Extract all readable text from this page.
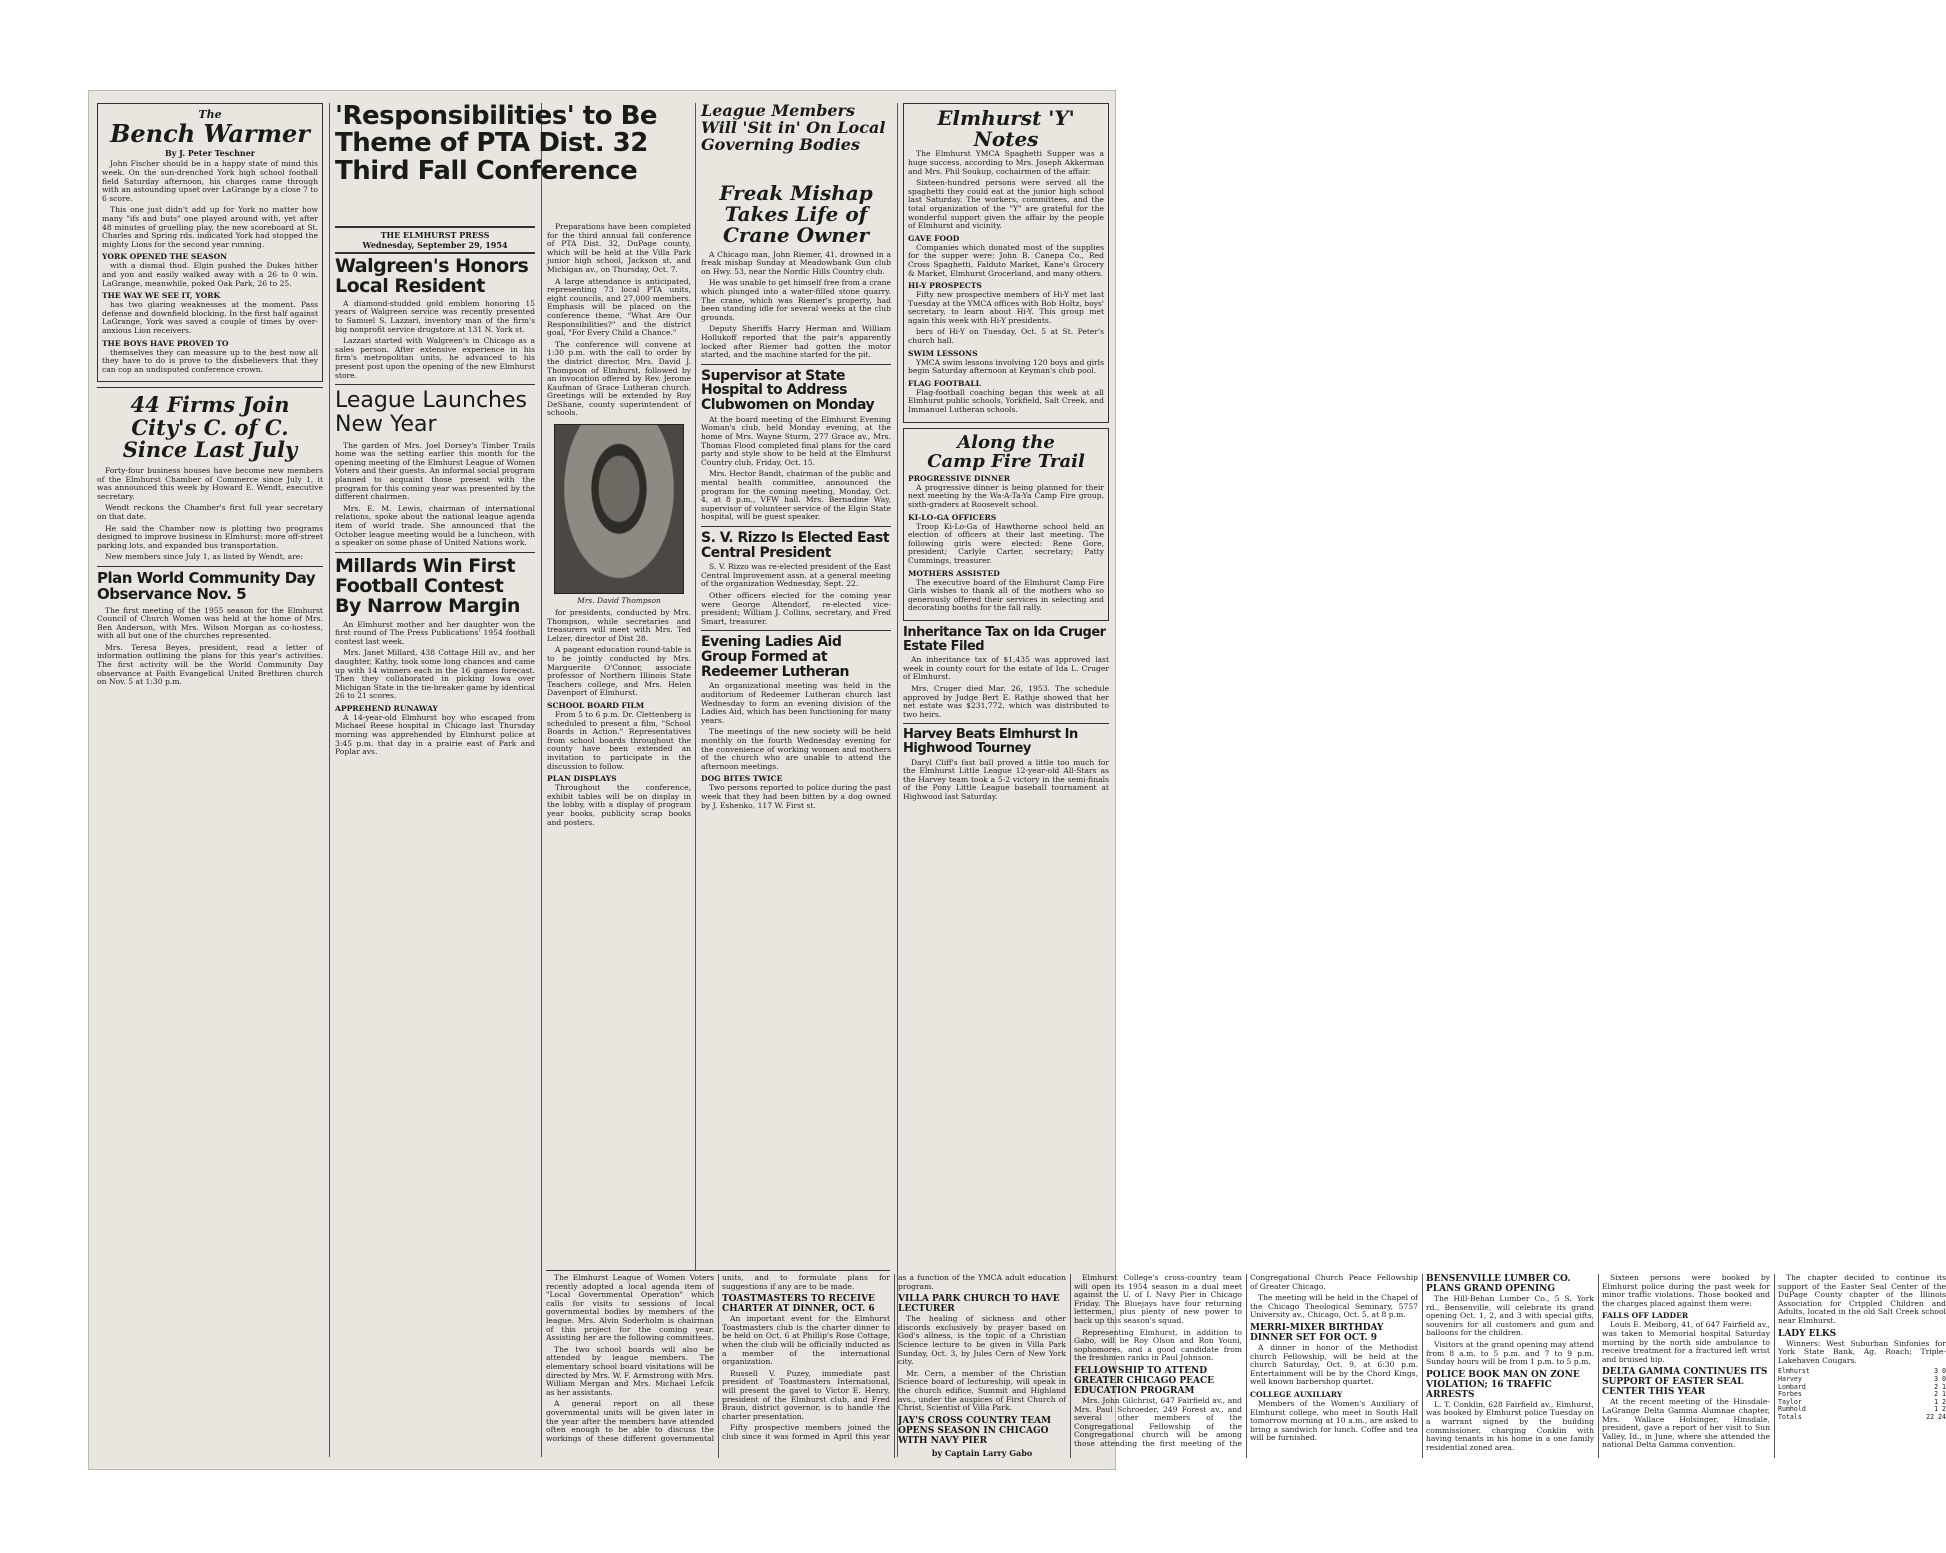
The
Bench Warmer
By J. Peter Teschner

John Fischer should be in a happy state of mind this week. On the sun-drenched York high school football field Saturday afternoon, his charges came through with an astounding upset over LaGrange by a close 7 to 6 score.

This one just didn't add up for York no matter how many "ifs and buts" one played around with, yet after 48 minutes of gruelling play, the new scoreboard at St. Charles and Spring rds. indicated York had stopped the mighty Lions for the second year running.

YORK OPENED THE SEASON

with a dismal thud. Elgin pushed the Dukes hither and yon and easily walked away with a 26 to 0 win. LaGrange, meanwhile, poked Oak Park, 26 to 25.

THE WAY WE SEE IT, YORK

has two glaring weaknesses at the moment. Pass defense and downfield blocking. In the first half against LaGrange, York was saved a couple of times by over-anxious Lion receivers.

THE BOYS HAVE PROVED TO

themselves they can measure up to the best now all they have to do is prove to the disbelievers that they can cop an undisputed conference crown.

44 Firms Join City's C. of C. Since Last July

Forty-four business houses have become new members of the Elmhurst Chamber of Commerce since July 1, it was announced this week by Howard E. Wendt, executive secretary.

Wendt reckons the Chamber's first full year secretary on that date.

He said the Chamber now is plotting two programs designed to improve business in Elmhurst: more off-street parking lots, and expanded bus transportation.

New members since July 1, as listed by Wendt, are:

Plan World Community Day Observance Nov. 5

The first meeting of the 1955 season for the Elmhurst Council of Church Women was held at the home of Mrs. Ben Anderson, with Mrs. Wilson Morgan as co-hostess, with all but one of the churches represented.

Mrs. Teresa Beyes, president, read a letter of information outlining the plans for this year's activities. The first activity will be the World Community Day observance at Faith Evangelical United Brethren church on Nov. 5 at 1:30 p.m.

'Responsibilities' to Be Theme of PTA Dist. 32 Third Fall Conference
THE ELMHURST PRESS
Wednesday, September 29, 1954
Walgreen's Honors Local Resident

A diamond-studded gold emblem honoring 15 years of Walgreen service was recently presented to Samuel S. Lazzari, inventory man of the firm's big nonprofit service drugstore at 131 N. York st.

Lazzari started with Walgreen's in Chicago as a sales person. After extensive experience in his firm's metropolitan units, he advanced to his present post upon the opening of the new Elmhurst store.

League Launches New Year

The garden of Mrs. Joel Dorsey's Timber Trails home was the setting earlier this month for the opening meeting of the Elmhurst League of Women Voters and their guests. An informal social program planned to acquaint those present with the program for this coming year was presented by the different chairmen.

Mrs. E. M. Lewis, chairman of international relations, spoke about the national league agenda item of world trade. She announced that the October league meeting would be a luncheon, with a speaker on some phase of United Nations work.

Millards Win First Football Contest By Narrow Margin

An Elmhurst mother and her daughter won the first round of The Press Publications' 1954 football contest last week.

Mrs. Janet Millard, 438 Cottage Hill av., and her daughter, Kathy, took some long chances and came up with 14 winners each in the 16 games forecast. Then they collaborated in picking Iowa over Michigan State in the tie-breaker game by identical 26 to 21 scores.

APPREHEND RUNAWAY

A 14-year-old Elmhurst boy who escaped from Michael Reese hospital in Chicago last Thursday morning was apprehended by Elmhurst police at 3:45 p.m. that day in a prairie east of Park and Poplar avs.

Preparations have been completed for the third annual fall conference of PTA Dist. 32, DuPage county, which will be held at the Villa Park junior high school, Jackson st. and Michigan av., on Thursday, Oct. 7.

A large attendance is anticipated, representing 73 local PTA units, eight councils, and 27,000 members. Emphasis will be placed on the conference theme, "What Are Our Responsibilities?" and the district goal, "For Every Child a Chance."

The conference will convene at 1:30 p.m. with the call to order by the district director, Mrs. David J. Thompson of Elmhurst, followed by an invocation offered by Rev. Jerome Kaufman of Grace Lutheran church. Greetings will be extended by Roy DeShane, county superintendent of schools.

Mrs. David Thompson

for presidents, conducted by Mrs. Thompson, while secretaries and treasurers will meet with Mrs. Ted Lelzer, director of Dist 28.

A pageant education round-table is to be jointly conducted by Mrs. Marguerite O'Connor, associate professor of Northern Illinois State Teachers college, and Mrs. Helen Davenport of Elmhurst.

SCHOOL BOARD FILM

From 5 to 6 p.m. Dr. Clettenberg is scheduled to present a film, "School Boards in Action." Representatives from school boards throughout the county have been extended an invitation to participate in the discussion to follow.

PLAN DISPLAYS

Throughout the conference, exhibit tables will be on display in the lobby, with a display of program year books, publicity scrap books and posters.

Freak Mishap Takes Life of Crane Owner

A Chicago man, John Riemer, 41, drowned in a freak mishap Sunday at Meadowbank Gun club on Hwy. 53, near the Nordic Hills Country club.

He was unable to get himself free from a crane which plunged into a water-filled stone quarry. The crane, which was Riemer's property, had been standing idle for several weeks at the club grounds.

Deputy Sheriffs Harry Herman and William Hollukoff reported that the pair's apparently locked after Riemer had gotten the motor started, and the machine started for the pit.

Supervisor at State Hospital to Address Clubwomen on Monday

At the board meeting of the Elmhurst Evening Woman's club, held Monday evening, at the home of Mrs. Wayne Sturm, 277 Grace av., Mrs. Thomas Flood completed final plans for the card party and style show to be held at the Elmhurst Country club, Friday, Oct. 15.

Mrs. Hector Bandt, chairman of the public and mental health committee, announced the program for the coming meeting, Monday, Oct. 4, at 8 p.m., VFW hall. Mrs. Bernadine Way, supervisor of volunteer service of the Elgin State hospital, will be guest speaker.

S. V. Rizzo Is Elected East Central President

S. V. Rizzo was re-elected president of the East Central Improvement assn. at a general meeting of the organization Wednesday, Sept. 22.

Other officers elected for the coming year were George Altendorf, re-elected vice-president; William J. Collins, secretary, and Fred Smart, treasurer.

Evening Ladies Aid Group Formed at Redeemer Lutheran

An organizational meeting was held in the auditorium of Redeemer Lutheran church last Wednesday to form an evening division of the Ladies Aid, which has been functioning for many years.

The meetings of the new society will be held monthly on the fourth Wednesday evening for the convenience of working women and mothers of the church who are unable to attend the afternoon meetings.

DOG BITES TWICE

Two persons reported to police during the past week that they had been bitten by a dog owned by J. Eshenko, 117 W. First st.

League Members Will 'Sit in' On Local Governing Bodies
Elmhurst 'Y' Notes

The Elmhurst YMCA Spaghetti Supper was a huge success, according to Mrs. Joseph Akkerman and Mrs. Phil Soukup, cochairmen of the affair.

Sixteen-hundred persons were served all the spaghetti they could eat at the junior high school last Saturday. The workers, committees, and the total organization of the "Y" are grateful for the wonderful support given the affair by the people of Elmhurst and vicinity.

GAVE FOOD

Companies which donated most of the supplies for the supper were: John B. Canepa Co., Red Cross Spaghetti, Falduto Market, Kane's Grocery & Market, Elmhurst Grocerland, and many others.

HI-Y PROSPECTS

Fifty new prospective members of Hi-Y met last Tuesday at the YMCA offices with Bob Holtz, boys' secretary, to learn about Hi-Y. This group met again this week with Hi-Y presidents.

bers of Hi-Y on Tuesday, Oct. 5 at St. Peter's church hall.

SWIM LESSONS

YMCA swim lessons involving 120 boys and girls begin Saturday afternoon at Keyman's club pool.

FLAG FOOTBALL

Flag-football coaching began this week at all Elmhurst public schools, Yorkfield, Salt Creek, and Immanuel Lutheran schools.

Along the
Camp Fire Trail
PROGRESSIVE DINNER

A progressive dinner is being planned for their next meeting by the Wa-A-Ta-Ya Camp Fire group, sixth-graders at Roosevelt school.

KI-LO-GA OFFICERS

Troop Ki-Lo-Ga of Hawthorne school held an election of officers at their last meeting. The following girls were elected: Rene Gore, president; Carlyle Carter, secretary; Patty Cummings, treasurer.

MOTHERS ASSISTED

The executive board of the Elmhurst Camp Fire Girls wishes to thank all of the mothers who so generously offered their services in selecting and decorating booths for the fall rally.

Inheritance Tax on Ida Cruger Estate Filed

An inheritance tax of $1,435 was approved last week in county court for the estate of Ida L. Cruger of Elmhurst.

Mrs. Cruger died Mar. 26, 1953. The schedule approved by Judge Bert E. Rathje showed that her net estate was $231,772, which was distributed to two heirs.

Harvey Beats Elmhurst In Highwood Tourney

Daryl Cliff's fast ball proved a little too much for the Elmhurst Little League 12-year-old All-Stars as the Harvey team took a 5-2 victory in the semi-finals of the Pony Little League baseball tournament at Highwood last Saturday.

The Elmhurst League of Women Voters recently adopted a local agenda item of "Local Governmental Operation" which calls for visits to sessions of local governmental bodies by members of the league. Mrs. Alvin Soderholm is chairman of this project for the coming year. Assisting her are the following committees.

The two school boards will also be attended by league members. The elementary school board visitations will be directed by Mrs. W. F. Armstrong with Mrs. William Mergan and Mrs. Michael Lefcik as her assistants.

A general report on all these governmental units will be given later in the year after the members have attended often enough to be able to discuss the workings of these different governmental units, and to formulate plans for suggestions if any are to be made.

TOASTMASTERS TO RECEIVE CHARTER AT DINNER, OCT. 6

An important event for the Elmhurst Toastmasters club is the charter dinner to be held on Oct. 6 at Phillip's Rose Cottage, when the club will be officially inducted as a member of the international organization.

Russell V. Puzey, immediate past president of Toastmasters International, will present the gavel to Victor E. Henry, president of the Elmhurst club, and Fred Braun, district governor, is to handle the charter presentation.

Fifty prospective members joined the club since it was formed in April this year as a function of the YMCA adult education program.

VILLA PARK CHURCH TO HAVE LECTURER

The healing of sickness and other discords exclusively by prayer based on God's allness, is the topic of a Christian Science lecture to be given in Villa Park Sunday, Oct. 3, by Jules Cern of New York city.

Mr. Cern, a member of the Christian Science board of lectureship, will speak in the church edifice, Summit and Highland avs., under the auspices of First Church of Christ, Scientist of Villa Park.

JAY'S CROSS COUNTRY TEAM OPENS SEASON IN CHICAGO WITH NAVY PIER
by Captain Larry Gabo

Elmhurst College's cross-country team will open its 1954 season in a dual meet against the U. of I. Navy Pier in Chicago Friday. The Bluejays have four returning lettermen, plus plenty of new power to back up this season's squad.

Representing Elmhurst, in addition to Gabo, will be Roy Olson and Ron Youni, sophomores, and a good candidate from the freshmen ranks in Paul Johnson.

FELLOWSHIP TO ATTEND GREATER CHICAGO PEACE EDUCATION PROGRAM

Mrs. John Gilchrist, 647 Fairfield av., and Mrs. Paul Schroeder, 249 Forest av., and several other members of the Congregational Fellowship of the Congregational church will be among those attending the first meeting of the Congregational Church Peace Fellowship of Greater Chicago.

The meeting will be held in the Chapel of the Chicago Theological Seminary, 5757 University av., Chicago, Oct. 5, at 8 p.m.

MERRI-MIXER BIRTHDAY DINNER SET FOR OCT. 9

A dinner in honor of the Methodist church Fellowship, will be held at the church Saturday, Oct. 9, at 6:30 p.m. Entertainment will be by the Chord Kings, well known barbershop quartet.

COLLEGE AUXILIARY

Members of the Women's Auxiliary of Elmhurst college, who meet in South Hall tomorrow morning at 10 a.m., are asked to bring a sandwich for lunch. Coffee and tea will be furnished.

BENSENVILLE LUMBER CO. PLANS GRAND OPENING

The Hill-Behan Lumber Co., 5 S. York rd., Bensenville, will celebrate its grand opening Oct. 1, 2, and 3 with special gifts, souvenirs for all customers and gum and balloons for the children.

Visitors at the grand opening may attend from 8 a.m. to 5 p.m. and 7 to 9 p.m. Sunday hours will be from 1 p.m. to 5 p.m.

POLICE BOOK MAN ON ZONE VIOLATION; 16 TRAFFIC ARRESTS

L. T. Conklin, 628 Fairfield av., Elmhurst, was booked by Elmhurst police Tuesday on a warrant signed by the building commissioner, charging Conklin with having tenants in his home in a one family residential zoned area.

Sixteen persons were booked by Elmhurst police during the past week for minor traffic violations. Those booked and the charges placed against them were:

FALLS OFF LADDER

Louis E. Meiborg, 41, of 647 Fairfield av., was taken to Memorial hospital Saturday morning by the north side ambulance to receive treatment for a fractured left wrist and bruised hip.

DELTA GAMMA CONTINUES ITS SUPPORT OF EASTER SEAL CENTER THIS YEAR

At the recent meeting of the Hinsdale-LaGrange Delta Gamma Alumnae chapter, Mrs. Wallace Holsinger, Hinsdale, president, gave a report of her visit to Sun Valley, Id., in June, where she attended the national Delta Gamma convention.

The chapter decided to continue its support of the Easter Seal Center of the DuPage County chapter of the Illinois Association for Crippled Children and Adults, located in the old Salt Creek school near Elmhurst.

LADY ELKS

Winners: West Suburban Sinfonies for York State Bank, Ag. Roach; Triple-Lakehaven Cougars.

Elmhurst	3 0
Harvey	3 0
Lombard	2 1
Forbes	2 1
Taylor	1 2
Rumhold	1 2
Totals	22 24
